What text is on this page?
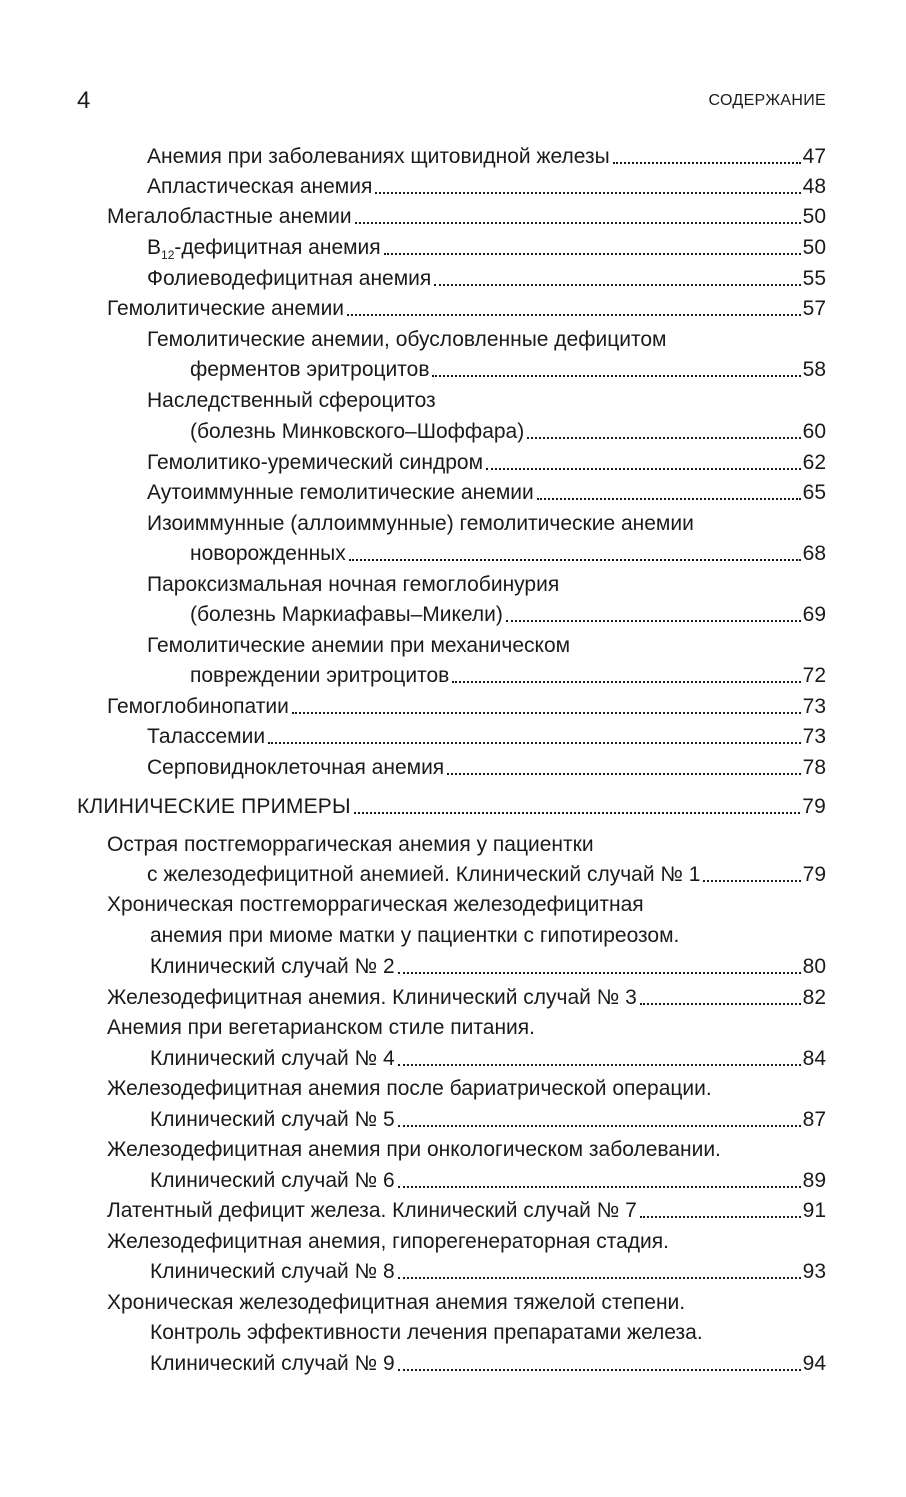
4	СОДЕРЖАНИЕ
Анемия при заболеваниях щитовидной железы	47
Апластическая анемия	48
Мегалобластные анемии	50
$B_{12}$-дефицитная анемия	50
Фолиеводефицитная анемия	55
Гемолитические анемии	57
Гемолитические анемии, обусловленные дефицитом
ферментов эритроцитов	58
Наследственный сфероцитоз
(болезнь Минковского–Шоффара)	60
Гемолитико-уремический синдром	62
Аутоиммунные гемолитические анемии	65
Изоиммунные (аллоиммунные) гемолитические анемии
новорожденных	68
Пароксизмальная ночная гемоглобинурия
(болезнь Маркиафавы–Микели)	69
Гемолитические анемии при механическом
повреждении эритроцитов	72
Гемоглобинопатии	73
Талассемии	73
Серповидноклеточная анемия	78
КЛИНИЧЕСКИЕ ПРИМЕРЫ	79
Острая постгеморрагическая анемия у пациентки
с железодефицитной анемией. Клинический случай № 1	79
Хроническая постгеморрагическая железодефицитная
анемия при миоме матки у пациентки с гипотиреозом.
Клинический случай № 2	80
Железодефицитная анемия. Клинический случай № 3	82
Анемия при вегетарианском стиле питания.
Клинический случай № 4	84
Железодефицитная анемия после бариатрической операции.
Клинический случай № 5	87
Железодефицитная анемия при онкологическом заболевании.
Клинический случай № 6	89
Латентный дефицит железа. Клинический случай № 7	91
Железодефицитная анемия, гипорегенераторная стадия.
Клинический случай № 8	93
Хроническая железодефицитная анемия тяжелой степени.
Контроль эффективности лечения препаратами железа.
Клинический случай № 9	94
